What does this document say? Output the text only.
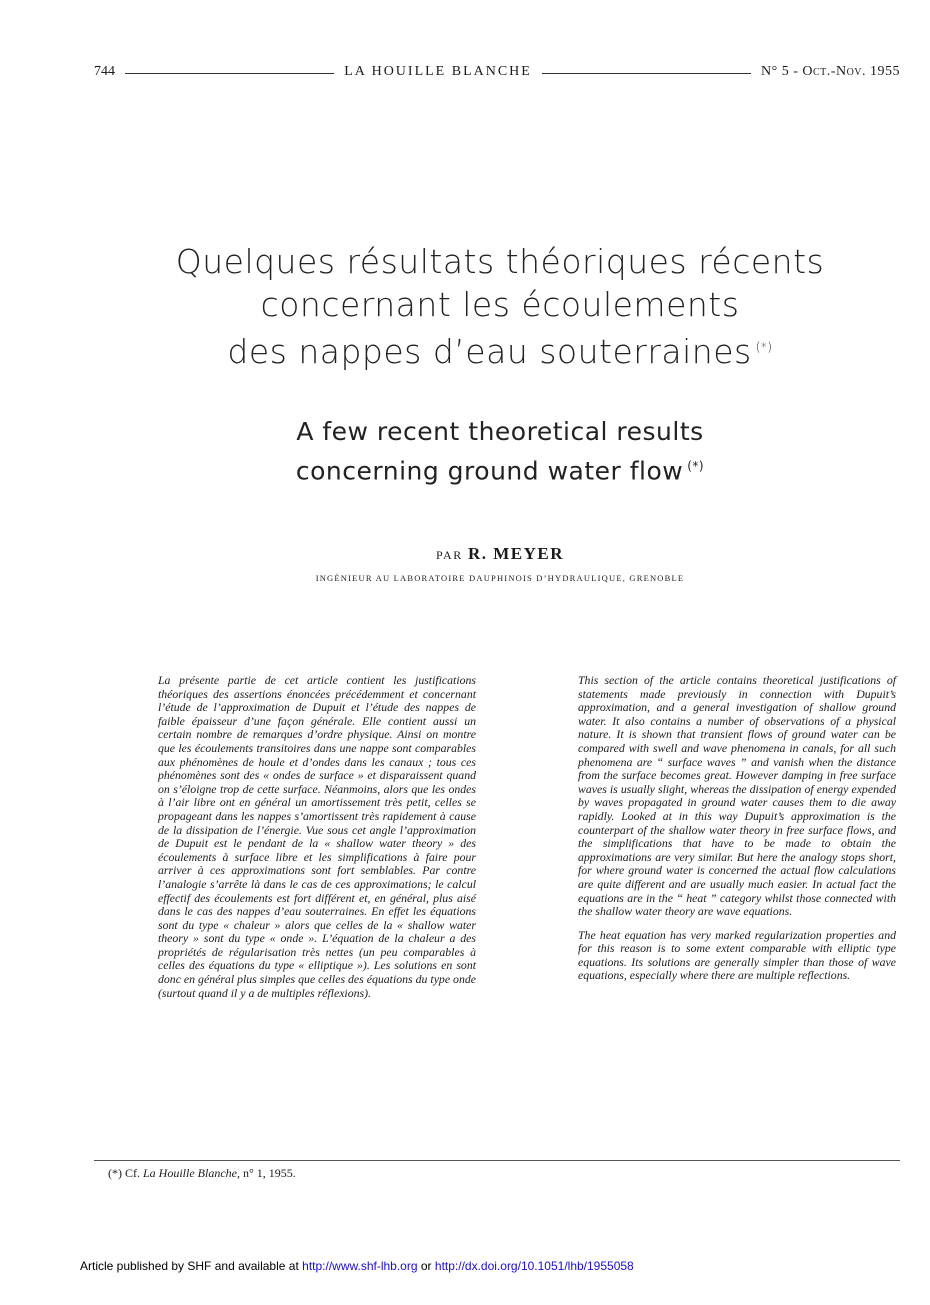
744	LA HOUILLE BLANCHE	N° 5 - Oct.-Nov. 1955
Quelques résultats théoriques récents
concernant les écoulements
des nappes d’eau souterraines (*)
A few recent theoretical results
concerning ground water flow (*)
PAR R. MEYER
INGÉNIEUR AU LABORATOIRE DAUPHINOIS D’HYDRAULIQUE, GRENOBLE

La présente partie de cet article contient les justifications théoriques des assertions énoncées précédemment et concernant l’étude de l’approximation de Dupuit et l’étude des nappes de faible épaisseur d’une façon générale. Elle contient aussi un certain nombre de remarques d’ordre physique. Ainsi on montre que les écoulements transitoires dans une nappe sont comparables aux phénomènes de houle et d’ondes dans les canaux ; tous ces phénomènes sont des « ondes de surface » et disparaissent quand on s’éloigne trop de cette surface. Néanmoins, alors que les ondes à l’air libre ont en général un amortissement très petit, celles se propageant dans les nappes s’amortissent très rapidement à cause de la dissipation de l’énergie. Vue sous cet angle l’approximation de Dupuit est le pendant de la « shallow water theory » des écoulements à surface libre et les simplifications à faire pour arriver à ces approximations sont fort semblables. Par contre l’analogie s’arrête là dans le cas de ces approximations; le calcul effectif des écoulements est fort différent et, en général, plus aisé dans le cas des nappes d’eau souterraines. En effet les équations sont du type « chaleur » alors que celles de la « shallow water theory » sont du type « onde ». L’équation de la chaleur a des propriétés de régularisation très nettes (un peu comparables à celles des équations du type « elliptique »). Les solutions en sont donc en général plus simples que celles des équations du type onde (surtout quand il y a de multiples réflexions).

This section of the article contains theoretical justifications of statements made previously in connection with Dupuit’s approximation, and a general investigation of shallow ground water. It also contains a number of observations of a physical nature. It is shown that transient flows of ground water can be compared with swell and wave phenomena in canals, for all such phenomena are “ surface waves ” and vanish when the distance from the surface becomes great. However damping in free surface waves is usually slight, whereas the dissipation of energy expended by waves propagated in ground water causes them to die away rapidly. Looked at in this way Dupuit’s approximation is the counterpart of the shallow water theory in free surface flows, and the simplifications that have to be made to obtain the approximations are very similar. But here the analogy stops short, for where ground water is concerned the actual flow calculations are quite different and are usually much easier. In actual fact the equations are in the “ heat ” category whilst those connected with the shallow water theory are wave equations.

The heat equation has very marked regularization properties and for this reason is to some extent comparable with elliptic type equations. Its solutions are generally simpler than those of wave equations, especially where there are multiple reflections.

(*) Cf. La Houille Blanche, n° 1, 1955.
Article published by SHF and available at http://www.shf-lhb.org or http://dx.doi.org/10.1051/lhb/1955058
